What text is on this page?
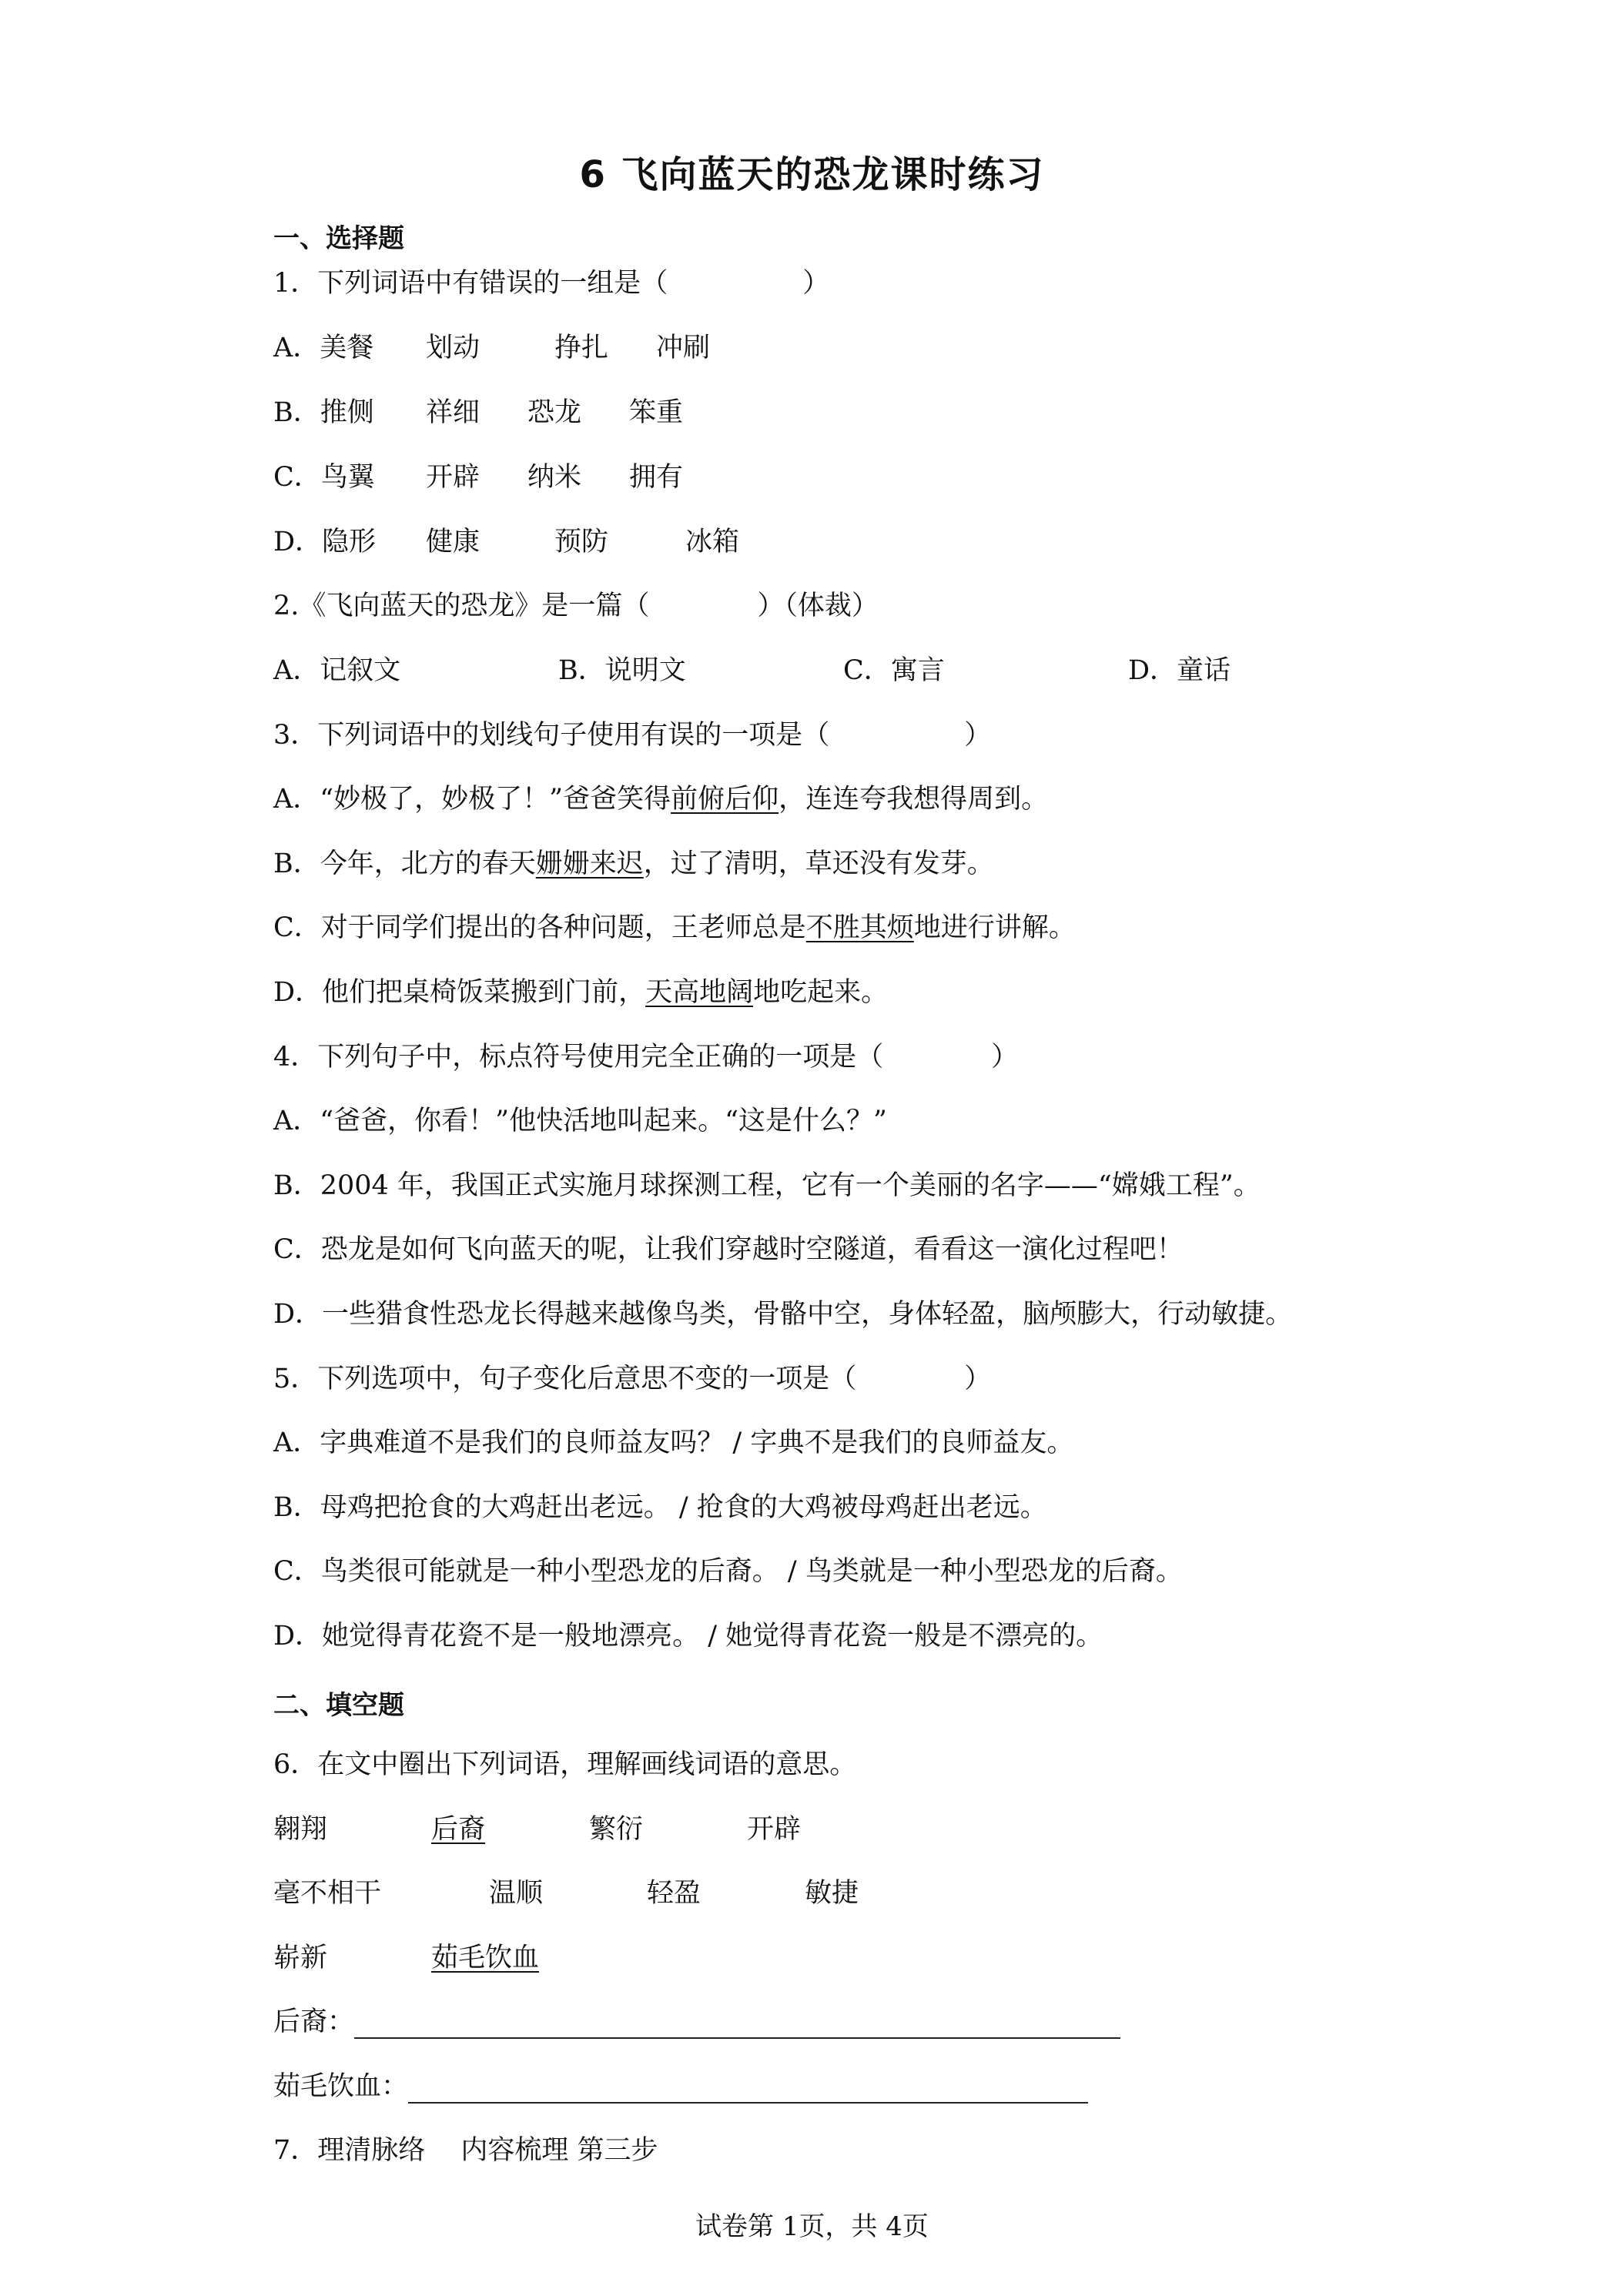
6 飞向蓝天的恐龙课时练习
一、选择题
1．下列词语中有错误的一组是（　　　　　）
A．美餐 划动	挣扎 冲刷
B．推侧 祥细 恐龙 笨重
C．鸟翼 开辟 纳米 拥有
D．隐形 健康	预防	冰箱
2.《飞向蓝天的恐龙》是一篇（　　　　）（体裁）
A．记叙文	B．说明文	C．寓言	D．童话
3．下列词语中的划线句子使用有误的一项是（　　　　　）
A．“妙极了，妙极了！”爸爸笑得前俯后仰，连连夸我想得周到。
B．今年，北方的春天姗姗来迟，过了清明，草还没有发芽。
C．对于同学们提出的各种问题，王老师总是不胜其烦地进行讲解。
D．他们把桌椅饭菜搬到门前，天高地阔地吃起来。
4．下列句子中，标点符号使用完全正确的一项是（　　　　）
A．“爸爸，你看！”他快活地叫起来。“这是什么？”
B．2004 年，我国正式实施月球探测工程，它有一个美丽的名字——“嫦娥工程”。
C．恐龙是如何飞向蓝天的呢，让我们穿越时空隧道，看看这一演化过程吧！
D．一些猎食性恐龙长得越来越像鸟类，骨骼中空，身体轻盈，脑颅膨大，行动敏捷。
5．下列选项中，句子变化后意思不变的一项是（　　　　）
A．字典难道不是我们的良师益友吗？ / 字典不是我们的良师益友。
B．母鸡把抢食的大鸡赶出老远。 / 抢食的大鸡被母鸡赶出老远。
C．鸟类很可能就是一种小型恐龙的后裔。 / 鸟类就是一种小型恐龙的后裔。
D．她觉得青花瓷不是一般地漂亮。 / 她觉得青花瓷一般是不漂亮的。
二、填空题
6．在文中圈出下列词语，理解画线词语的意思。
翱翔	后裔	繁衍	开辟
毫不相干	温顺	轻盈	敏捷
崭新	茹毛饮血
后裔：
茹毛饮血：
7．理清脉络　 内容梳理 第三步
试卷第 1页，共 4页
